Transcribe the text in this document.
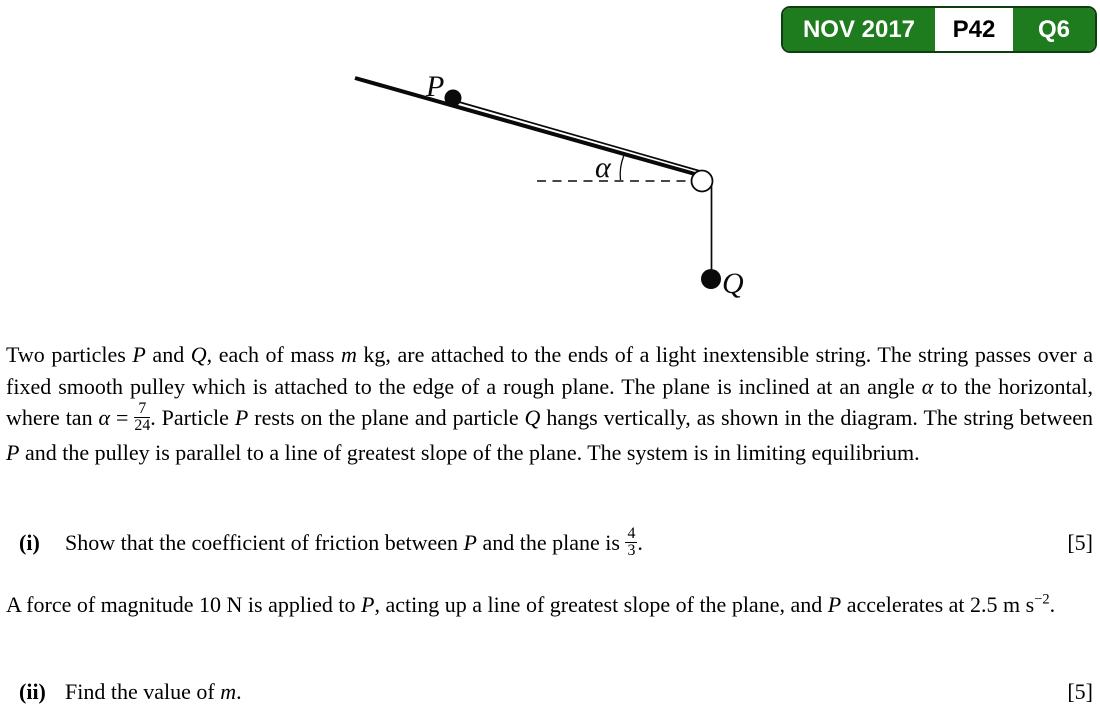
NOV 2017	P42	Q6
P
Q
α
Two particles P and Q, each of mass m kg, are attached to the ends of a light inextensible string. The string passes over a fixed smooth pulley which is attached to the edge of a rough plane. The plane is inclined at an angle α to the horizontal, where $\tan \alpha = \frac{7}{24}$ . Particle P rests on the plane and particle Q hangs vertically, as shown in the diagram. The string between P and the pulley is parallel to a line of greatest slope of the plane. The system is in limiting equilibrium.
(i)	Show that the coefficient of friction between P and the plane is $\frac{4}{3}$ .	[5]
A force of magnitude 10 N is applied to P, acting up a line of greatest slope of the plane, and P accelerates at 2.5 m $s^{-2}$.
(ii) Find the value of m.	[5]
